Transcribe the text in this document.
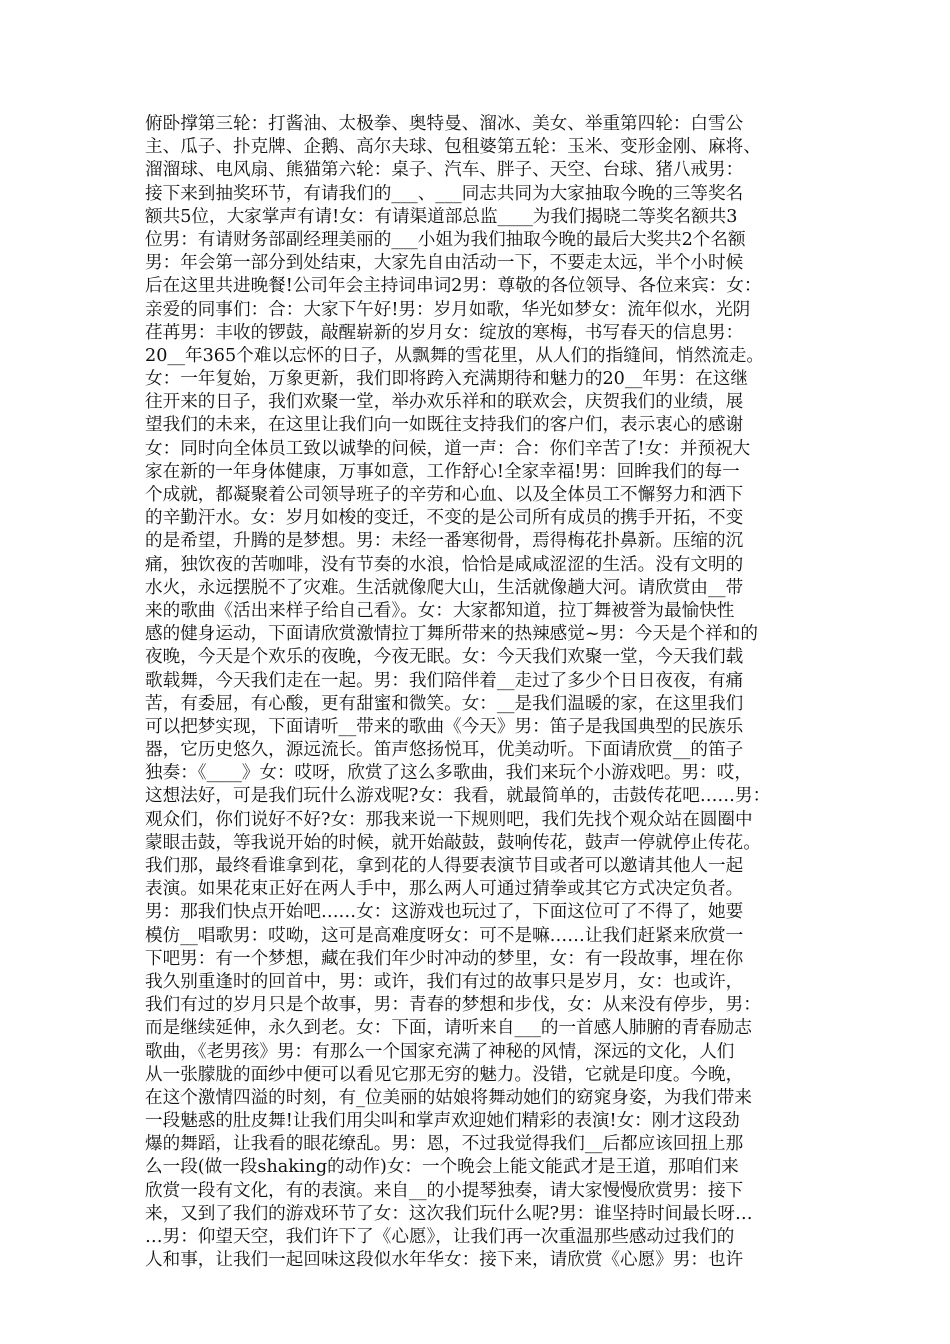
俯卧撑第三轮：打酱油、太极拳、奥特曼、溜冰、美女、举重第四轮：白雪公
主、瓜子、扑克牌、企鹅、高尔夫球、包租婆第五轮：玉米、变形金刚、麻将、
溜溜球、电风扇、熊猫第六轮：桌子、汽车、胖子、天空、台球、猪八戒男：
接下来到抽奖环节，有请我们的___、___同志共同为大家抽取今晚的三等奖名
额共5位，大家掌声有请!女：有请渠道部总监____为我们揭晓二等奖名额共3
位男：有请财务部副经理美丽的___小姐为我们抽取今晚的最后大奖共2个名额
男：年会第一部分到处结束，大家先自由活动一下，不要走太远，半个小时候
后在这里共进晚餐!公司年会主持词串词2男：尊敬的各位领导、各位来宾：女：
亲爱的同事们：合：大家下午好!男：岁月如歌，华光如梦女：流年似水，光阴
荏苒男：丰收的锣鼓，敲醒崭新的岁月女：绽放的寒梅，书写春天的信息男：
20__年365个难以忘怀的日子，从飘舞的雪花里，从人们的指缝间，悄然流走。
女：一年复始，万象更新，我们即将跨入充满期待和魅力的20__年男：在这继
往开来的日子，我们欢聚一堂，举办欢乐祥和的联欢会，庆贺我们的业绩，展
望我们的未来，在这里让我们向一如既往支持我们的客户们，表示衷心的感谢
女：同时向全体员工致以诚挚的问候，道一声：合：你们辛苦了!女：并预祝大
家在新的一年身体健康，万事如意，工作舒心!全家幸福!男：回眸我们的每一
个成就，都凝聚着公司领导班子的辛劳和心血、以及全体员工不懈努力和洒下
的辛勤汗水。女：岁月如梭的变迁，不变的是公司所有成员的携手开拓，不变
的是希望，升腾的是梦想。男：未经一番寒彻骨，焉得梅花扑鼻新。压缩的沉
痛，独饮夜的苦咖啡，没有节奏的水浪，恰恰是咸咸涩涩的生活。没有文明的
水火，永远摆脱不了灾难。生活就像爬大山，生活就像趟大河。请欣赏由__带
来的歌曲《活出来样子给自己看》。女：大家都知道，拉丁舞被誉为最愉快性
感的健身运动，下面请欣赏激情拉丁舞所带来的热辣感觉~男：今天是个祥和的
夜晚，今天是个欢乐的夜晚，今夜无眠。女：今天我们欢聚一堂，今天我们载
歌载舞，今天我们走在一起。男：我们陪伴着__走过了多少个日日夜夜，有痛
苦，有委屈，有心酸，更有甜蜜和微笑。女：__是我们温暖的家，在这里我们
可以把梦实现，下面请听__带来的歌曲《今天》男：笛子是我国典型的民族乐
器，它历史悠久，源远流长。笛声悠扬悦耳，优美动听。下面请欣赏__的笛子
独奏：《____》女：哎呀，欣赏了这么多歌曲，我们来玩个小游戏吧。男：哎，
这想法好，可是我们玩什么游戏呢?女：我看，就最简单的，击鼓传花吧……男：
观众们，你们说好不好?女：那我来说一下规则吧，我们先找个观众站在圆圈中
蒙眼击鼓，等我说开始的时候，就开始敲鼓，鼓响传花，鼓声一停就停止传花。
我们那，最终看谁拿到花，拿到花的人得要表演节目或者可以邀请其他人一起
表演。如果花束正好在两人手中，那么两人可通过猜拳或其它方式决定负者。
男：那我们快点开始吧……女：这游戏也玩过了，下面这位可了不得了，她要
模仿__唱歌男：哎呦，这可是高难度呀女：可不是嘛……让我们赶紧来欣赏一
下吧男：有一个梦想，藏在我们年少时冲动的梦里，女：有一段故事，埋在你
我久别重逢时的回首中，男：或许，我们有过的故事只是岁月，女：也或许，
我们有过的岁月只是个故事，男：青春的梦想和步伐，女：从来没有停步，男：
而是继续延伸，永久到老。女：下面，请听来自___的一首感人肺腑的青春励志
歌曲，《老男孩》男：有那么一个国家充满了神秘的风情，深远的文化，人们
从一张朦胧的面纱中便可以看见它那无穷的魅力。没错，它就是印度。今晚，
在这个激情四溢的时刻，有_位美丽的姑娘将舞动她们的窈窕身姿，为我们带来
一段魅惑的肚皮舞!让我们用尖叫和掌声欢迎她们精彩的表演!女：刚才这段劲
爆的舞蹈，让我看的眼花缭乱。男：恩，不过我觉得我们__后都应该回扭上那
么一段(做一段shaking的动作)女：一个晚会上能文能武才是王道，那咱们来
欣赏一段有文化，有的表演。来自__的小提琴独奏，请大家慢慢欣赏男：接下
来，又到了我们的游戏环节了女：这次我们玩什么呢?男：谁坚持时间最长呀…
…男：仰望天空，我们许下了《心愿》，让我们再一次重温那些感动过我们的
人和事，让我们一起回味这段似水年华女：接下来，请欣赏《心愿》男：也许
